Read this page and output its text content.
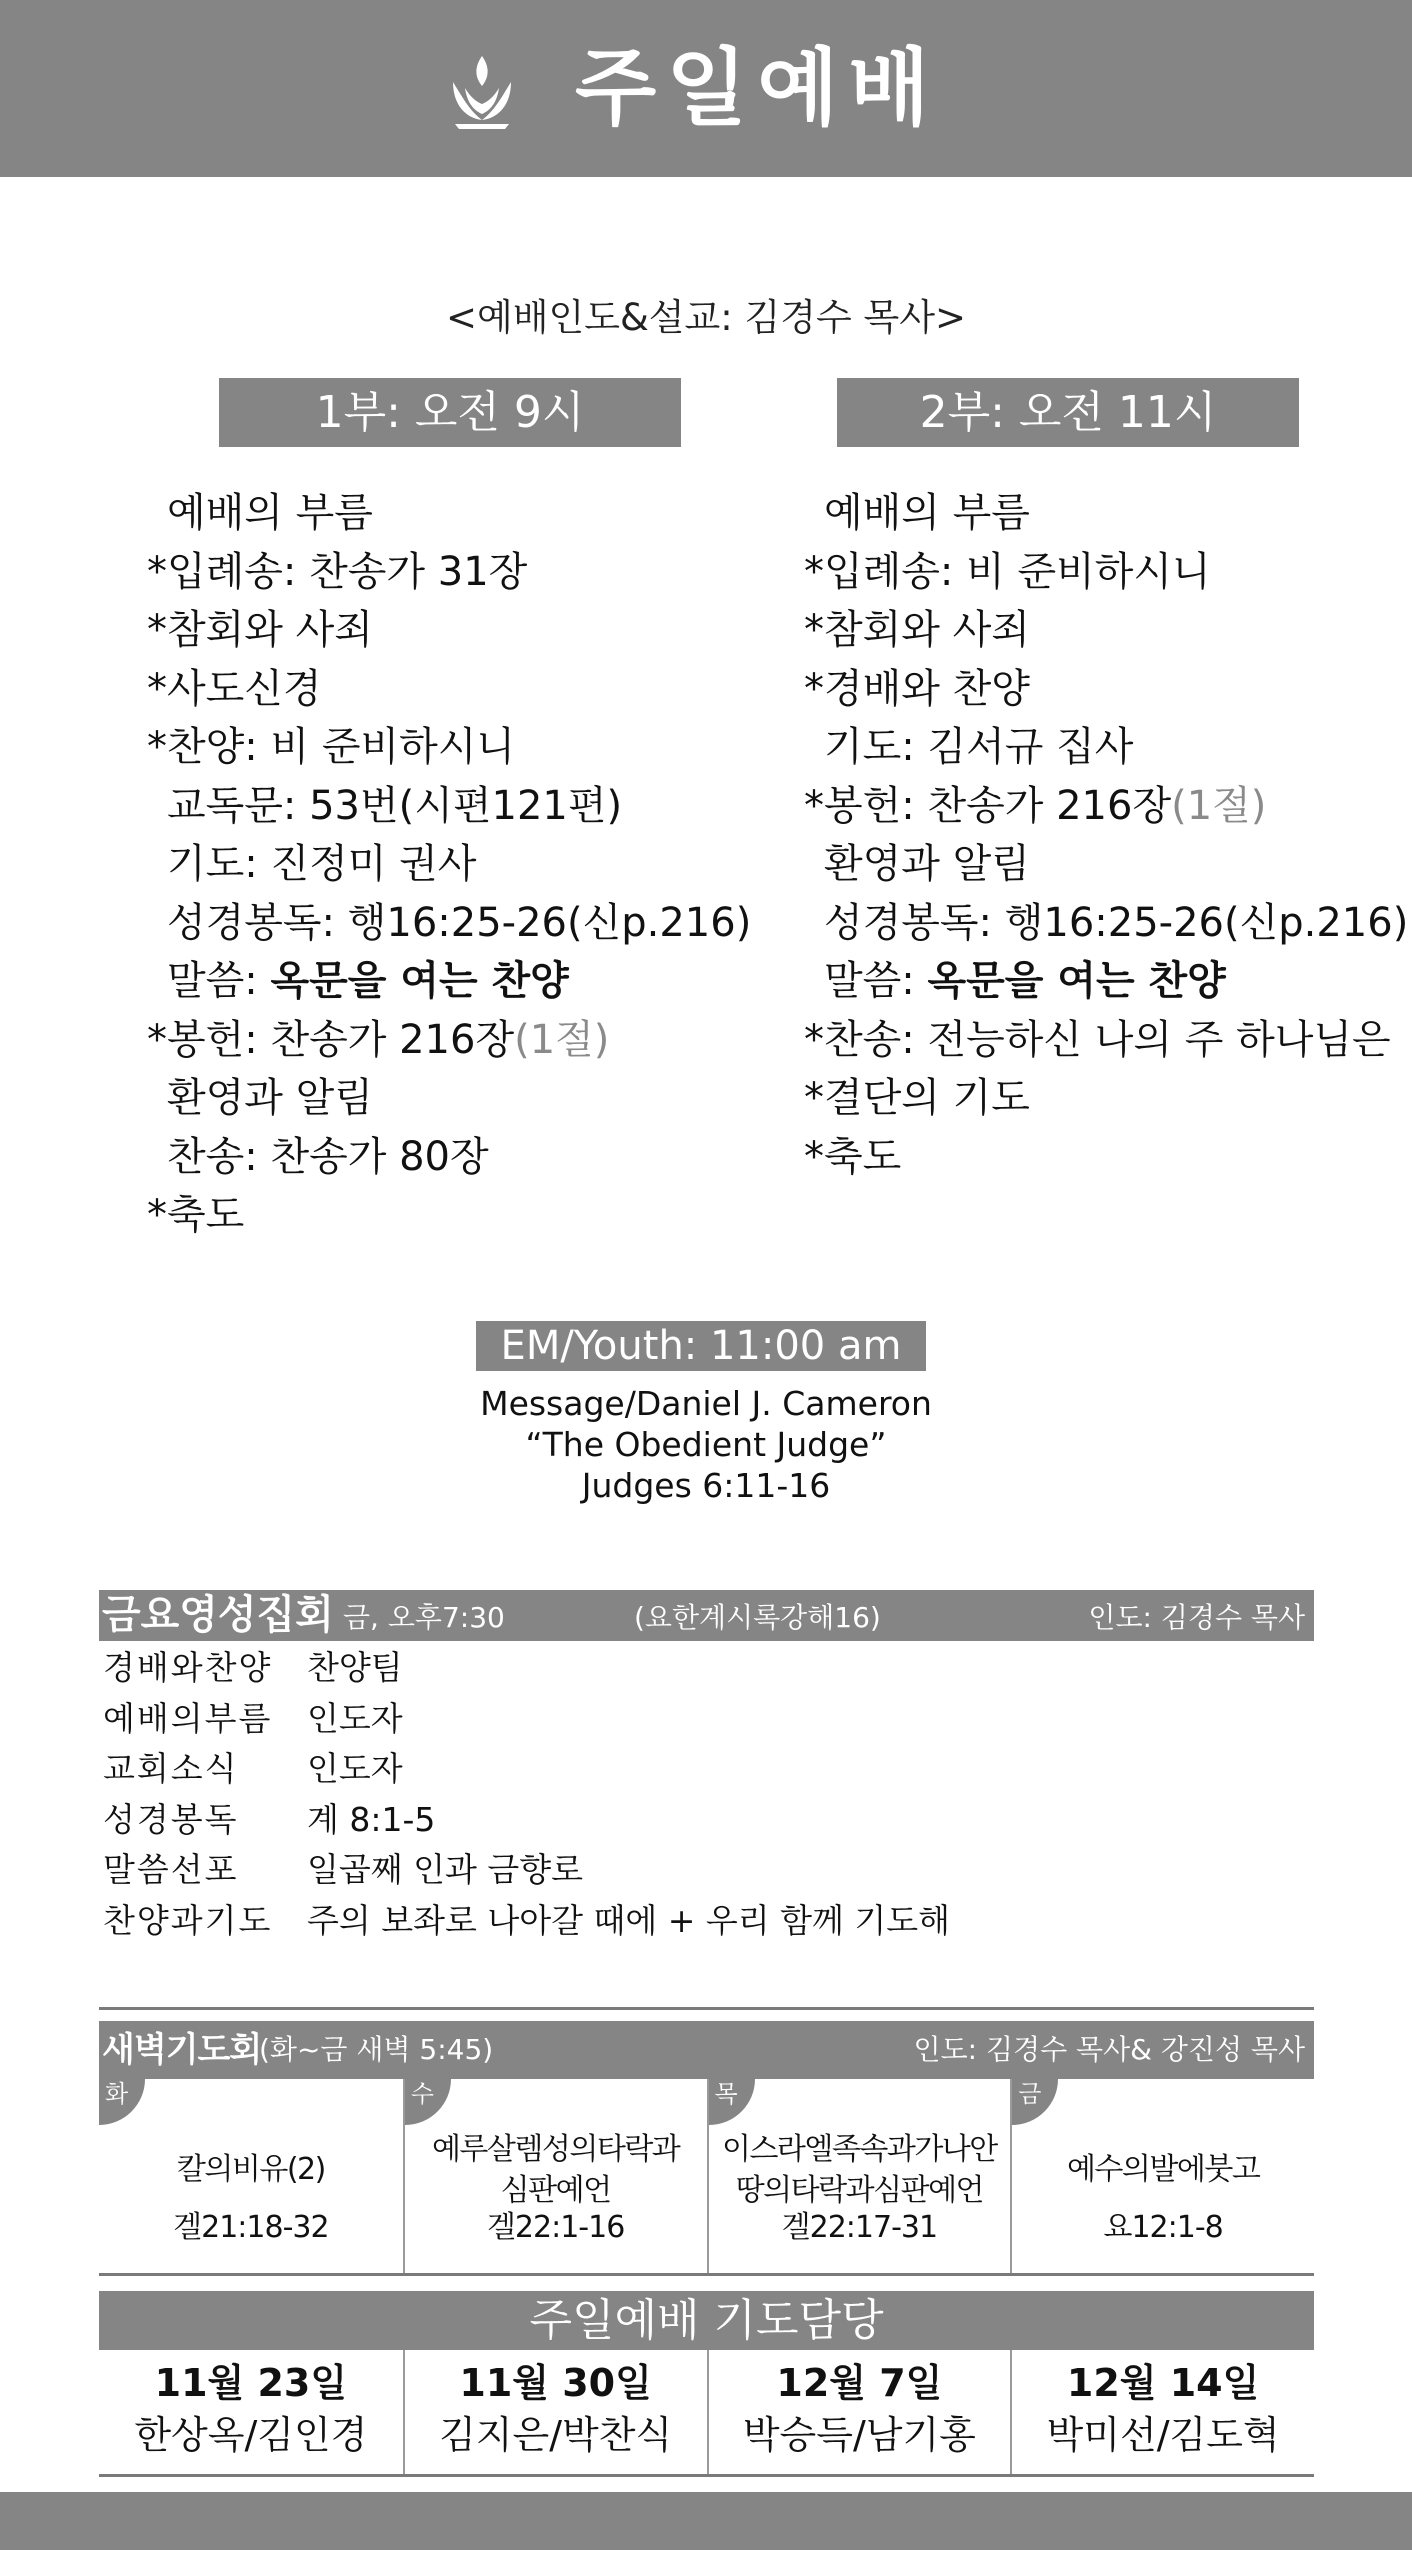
주일예배
<예배인도&설교: 김경수 목사>
1부: 오전 9시	2부: 오전 11시
예배의 부름
*입례송: 찬송가 31장
*참회와 사죄
*사도신경
*찬양: 비 준비하시니
교독문: 53번(시편121편)
기도: 진정미 권사
성경봉독: 행16:25-26(신p.216)
말씀: 옥문을 여는 찬양
*봉헌: 찬송가 216장(1절)
환영과 알림
찬송: 찬송가 80장
*축도
예배의 부름
*입례송: 비 준비하시니
*참회와 사죄
*경배와 찬양
기도: 김서규 집사
*봉헌: 찬송가 216장(1절)
환영과 알림
성경봉독: 행16:25-26(신p.216)
말씀: 옥문을 여는 찬양
*찬송: 전능하신 나의 주 하나님은
*결단의 기도
*축도
EM/Youth: 11:00 am
Message/Daniel J. Cameron
“The Obedient Judge”
Judges 6:11-16
금요영성집회 금, 오후7:30	(요한계시록강해16)	인도: 김경수 목사
경배와찬양 찬양팀
예배의부름 인도자
교회소식 인도자
성경봉독 계 8:1-5
말씀선포 일곱째 인과 금향로
찬양과기도 주의 보좌로 나아갈 때에 + 우리 함께 기도해
새벽기도회
(화~금 새벽 5:45)	인도: 김경수 목사& 강진성 목사
화
칼의비유(2)
겔21:18-32
수
예루살렘성의타락과
심판예언
겔22:1-16
목
이스라엘족속과가나안
땅의타락과심판예언
겔22:17-31
금
예수의발에붓고
요12:1-8
주일예배 기도담당
11월 23일
한상옥/김인경
11월 30일
김지은/박찬식
12월 7일
박승득/남기홍
12월 14일
박미선/김도혁
